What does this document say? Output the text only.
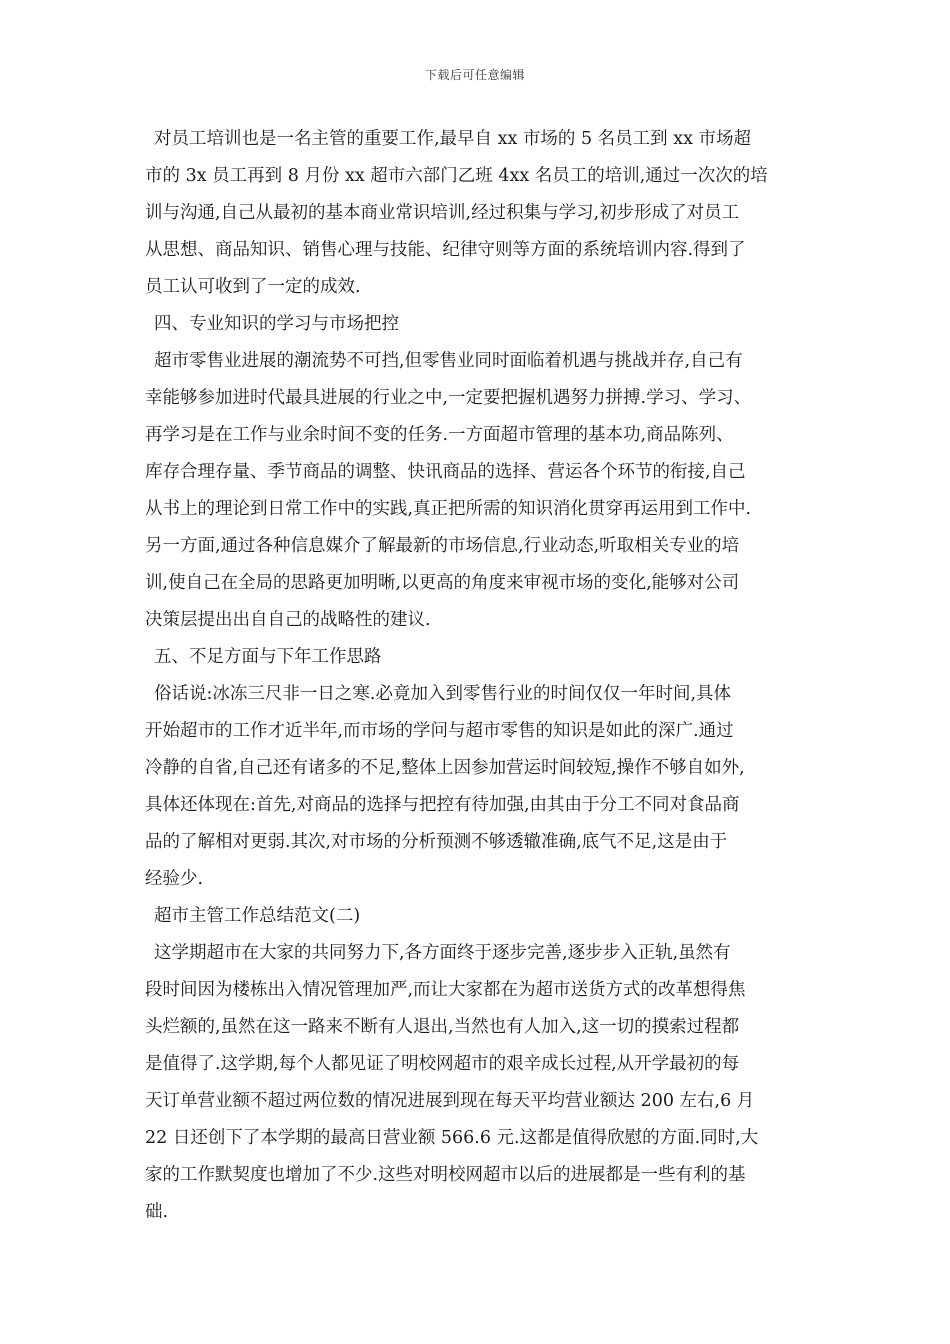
下载后可任意编辑
对员工培训也是一名主管的重要工作,最早自 xx 市场的 5 名员工到 xx 市场超
市的 3x 员工再到 8 月份 xx 超市六部门乙班 4xx 名员工的培训,通过一次次的培
训与沟通,自己从最初的基本商业常识培训,经过积集与学习,初步形成了对员工
从思想、商品知识、销售心理与技能、纪律守则等方面的系统培训内容.得到了
员工认可收到了一定的成效.
四、专业知识的学习与市场把控
超市零售业进展的潮流势不可挡,但零售业同时面临着机遇与挑战并存,自己有
幸能够参加进时代最具进展的行业之中,一定要把握机遇努力拼搏.学习、学习、
再学习是在工作与业余时间不变的任务.一方面超市管理的基本功,商品陈列、
库存合理存量、季节商品的调整、快讯商品的选择、营运各个环节的衔接,自己
从书上的理论到日常工作中的实践,真正把所需的知识消化贯穿再运用到工作中.
另一方面,通过各种信息媒介了解最新的市场信息,行业动态,听取相关专业的培
训,使自己在全局的思路更加明晰,以更高的角度来审视市场的变化,能够对公司
决策层提出出自自己的战略性的建议.
五、不足方面与下年工作思路
俗话说:冰冻三尺非一日之寒.必竟加入到零售行业的时间仅仅一年时间,具体
开始超市的工作才近半年,而市场的学问与超市零售的知识是如此的深广.通过
冷静的自省,自己还有诸多的不足,整体上因参加营运时间较短,操作不够自如外,
具体还体现在:首先,对商品的选择与把控有待加强,由其由于分工不同对食品商
品的了解相对更弱.其次,对市场的分析预测不够透辙准确,底气不足,这是由于
经验少.
超市主管工作总结范文(二)
这学期超市在大家的共同努力下,各方面终于逐步完善,逐步步入正轨,虽然有
段时间因为楼栋出入情况管理加严,而让大家都在为超市送货方式的改革想得焦
头烂额的,虽然在这一路来不断有人退出,当然也有人加入,这一切的摸索过程都
是值得了.这学期,每个人都见证了明校网超市的艰辛成长过程,从开学最初的每
天订单营业额不超过两位数的情况进展到现在每天平均营业额达 200 左右,6 月
22 日还创下了本学期的最高日营业额 566.6 元.这都是值得欣慰的方面.同时,大
家的工作默契度也增加了不少.这些对明校网超市以后的进展都是一些有利的基
础.
